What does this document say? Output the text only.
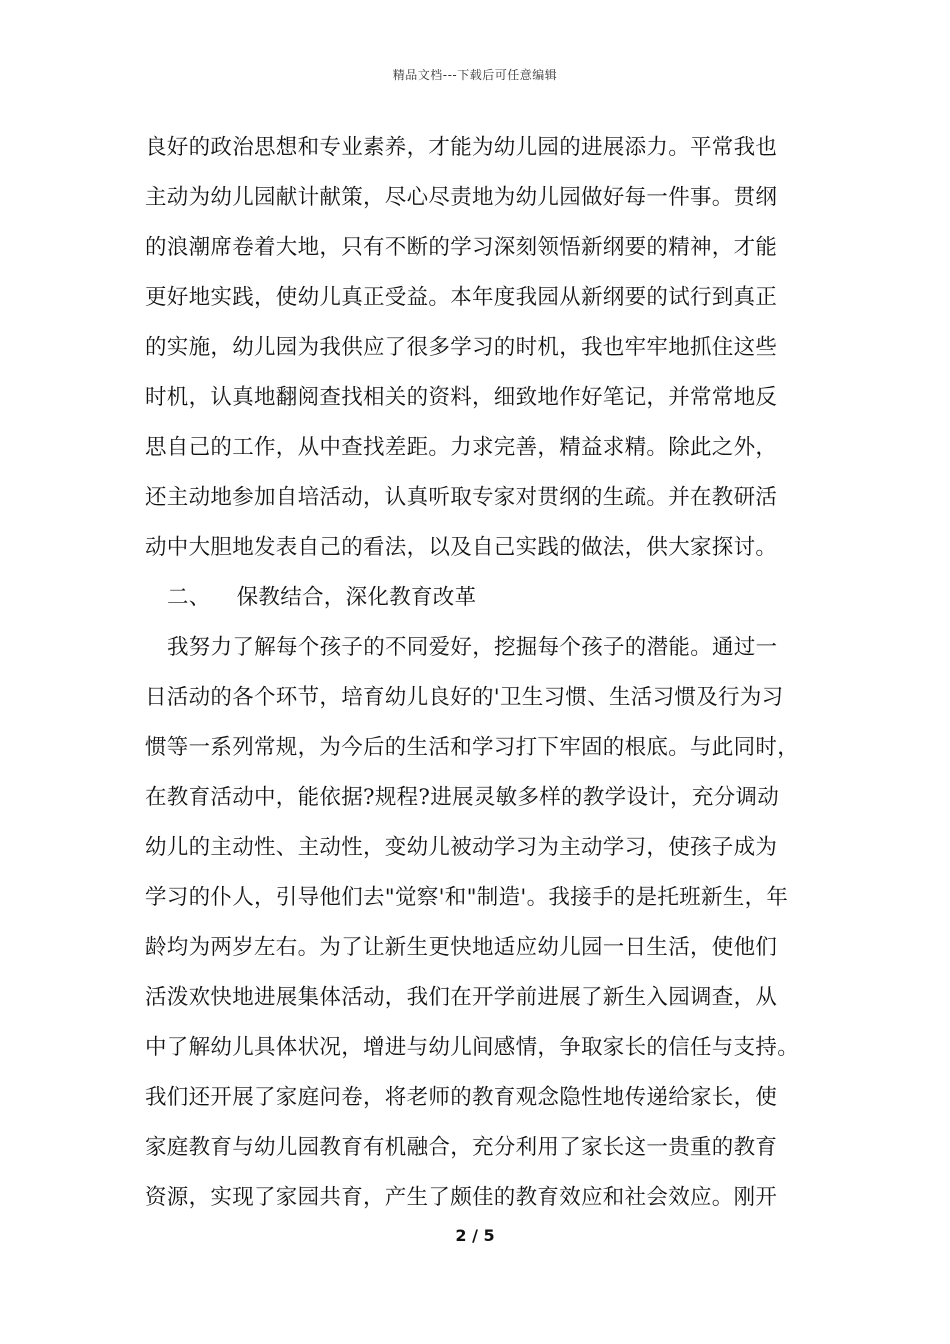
精品文档---下载后可任意编辑
良好的政治思想和专业素养，才能为幼儿园的进展添力。平常我也
主动为幼儿园献计献策，尽心尽责地为幼儿园做好每一件事。贯纲
的浪潮席卷着大地，只有不断的学习深刻领悟新纲要的精神，才能
更好地实践，使幼儿真正受益。本年度我园从新纲要的试行到真正
的实施，幼儿园为我供应了很多学习的时机，我也牢牢地抓住这些
时机，认真地翻阅查找相关的资料，细致地作好笔记，并常常地反
思自己的工作，从中查找差距。力求完善，精益求精。除此之外，
还主动地参加自培活动，认真听取专家对贯纲的生疏。并在教研活
动中大胆地发表自己的看法，以及自己实践的做法，供大家探讨。
二、 保教结合，深化教育改革
我努力了解每个孩子的不同爱好，挖掘每个孩子的潜能。通过一
日活动的各个环节，培育幼儿良好的'卫生习惯、生活习惯及行为习
惯等一系列常规，为今后的生活和学习打下牢固的根底。与此同时，
在教育活动中，能依据?规程?进展灵敏多样的教学设计，充分调动
幼儿的主动性、主动性，变幼儿被动学习为主动学习，使孩子成为
学习的仆人，引导他们去"觉察'和"制造'。我接手的是托班新生，年
龄均为两岁左右。为了让新生更快地适应幼儿园一日生活，使他们
活泼欢快地进展集体活动，我们在开学前进展了新生入园调查，从
中了解幼儿具体状况，增进与幼儿间感情，争取家长的信任与支持。
我们还开展了家庭问卷，将老师的教育观念隐性地传递给家长，使
家庭教育与幼儿园教育有机融合，充分利用了家长这一贵重的教育
资源，实现了家园共育，产生了颇佳的教育效应和社会效应。刚开
2 / 5
